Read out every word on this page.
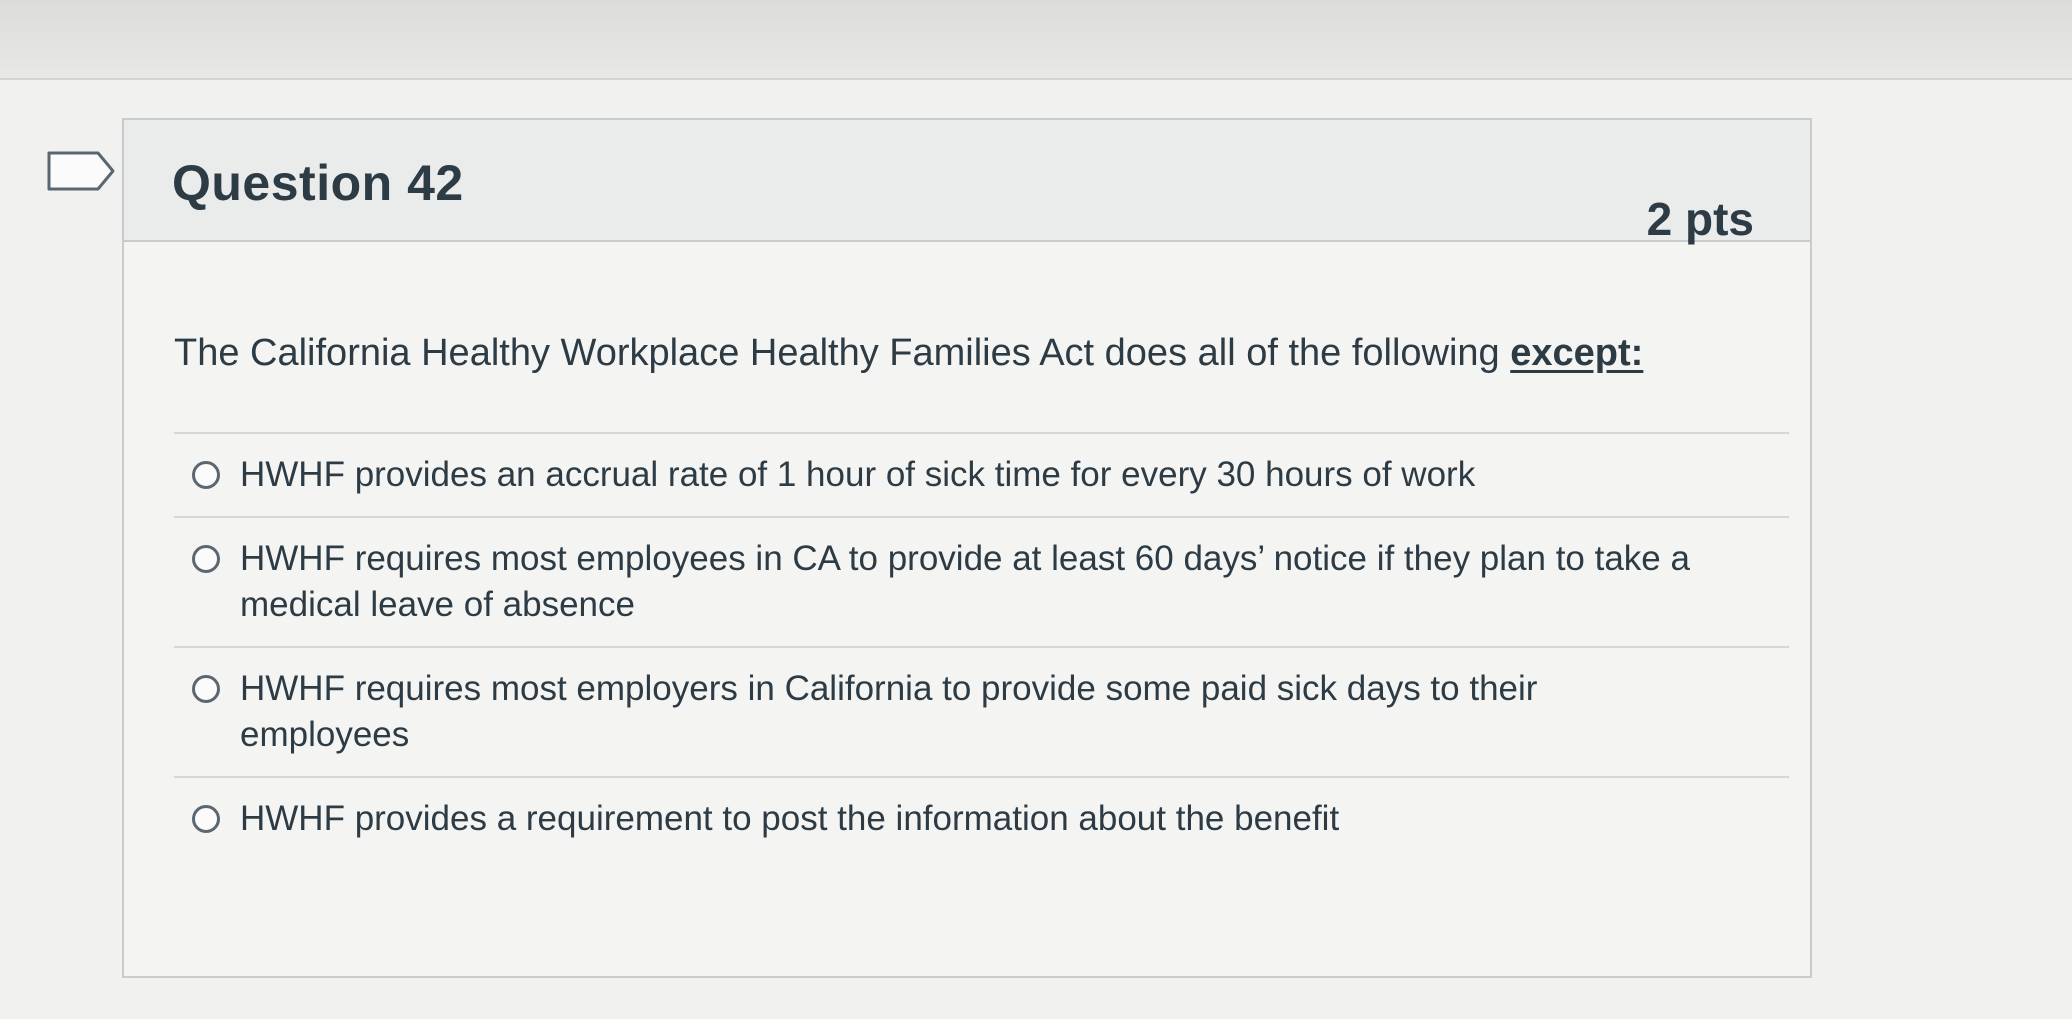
Question 42
2 pts
The California Healthy Workplace Healthy Families Act does all of the following except:
HWHF provides an accrual rate of 1 hour of sick time for every 30 hours of work
HWHF requires most employees in CA to provide at least 60 days’ notice if they plan to take a medical leave of absence
HWHF requires most employers in California to provide some paid sick days to their employees
HWHF provides a requirement to post the information about the benefit
